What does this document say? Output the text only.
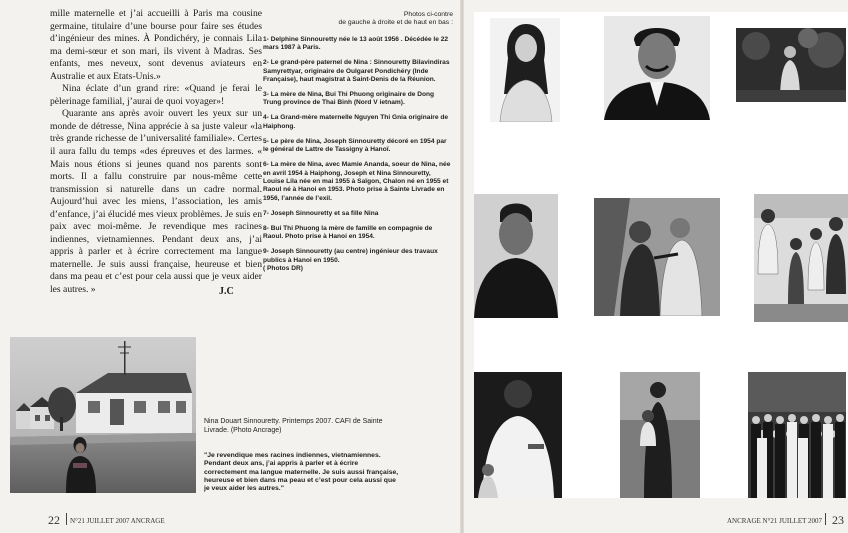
mille maternelle et j’ai accueilli à Paris ma cousine germaine, titulaire d’une bourse pour faire ses études d’ingénieur des mines. À Pondichéry, je connais Lila ma demi-sœur et son mari, ils vivent à Madras. Ses enfants, mes neveux, sont devenus aviateurs en Australie et aux Etats-Unis.»

Nina éclate d’un grand rire: «Quand je ferai le pèlerinage familial, j’aurai de quoi voyager»!

Quarante ans après avoir ouvert les yeux sur un monde de détresse, Nina apprécie à sa juste valeur «la très grande richesse de l’universalité familiale». Certes il aura fallu du temps «des épreuves et des larmes. « Mais nous étions si jeunes quand nos parents sont morts. Il a fallu construire par nous-même cette transmission si naturelle dans un cadre normal. Aujourd’hui avec les miens, l’association, les amis d’enfance, j’ai élucidé mes vieux problèmes. Je suis en paix avec moi-même. Je revendique mes racines indiennes, vietnamiennes. Pendant deux ans, j’ai appris à parler et à écrire correctement ma langue maternelle. Je suis aussi française, heureuse et bien dans ma peau et c’est pour cela aussi que je veux aider les autres. »	J.C
Photos ci-contre
de gauche à droite et de haut en bas :
1- Delphine Sinnouretty née le 13 août 1956 . Décédée le 22 mars 1987 à Paris.
2- Le grand-père paternel de Nina : Sinnouretty Bilavindiras Samyrettyar, originaire de Oulgaret Pondichéry (Inde Française), haut magistrat à Saint-Denis de la Réunion.
3- La mère de Nina, Bui Thi Phuong originaire de Dong Trung province de Thai Binh (Nord V ietnam).
4- La Grand-mère maternelle Nguyen Thi Gnia originaire de Haiphong.
5- Le père de Nina, Joseph Sinnouretty décoré en 1954 par le général de Lattre de Tassigny à Hanoï.
6- La mère de Nina, avec Mamie Ananda, soeur de Nina, née en avril 1954 à Haiphong, Joseph et Nina Sinnouretty, Louise Lila née en mai 1955 à Saïgon, Chalon né en 1955 et Raoul né à Hanoi en 1953. Photo prise à Sainte Livrade en 1956, l’année de l’exil.
7- Joseph Sinnouretty et sa fille Nina
8- Bui Thi Phuong la mère de famille en compagnie de Raoul. Photo prise à Hanoi en 1954.
9- Joseph Sinnouretty (au centre) ingénieur des travaux publics à Hanoi en 1950.
( Photos DR)
Nina Douart Sinnouretty. Printemps 2007. CAFI de Sainte Livrade. (Photo Ancrage)
"Je revendique mes racines indiennes, vietnamiennes. Pendant deux ans, j’ai appris à parler et à écrire correctement ma langue maternelle. Je suis aussi française, heureuse et bien dans ma peau et c’est pour cela aussi que je veux aider les autres."
22 N°21 JUILLET 2007 ANCRAGE	ANCRAGE N°21 JUILLET 2007 23
